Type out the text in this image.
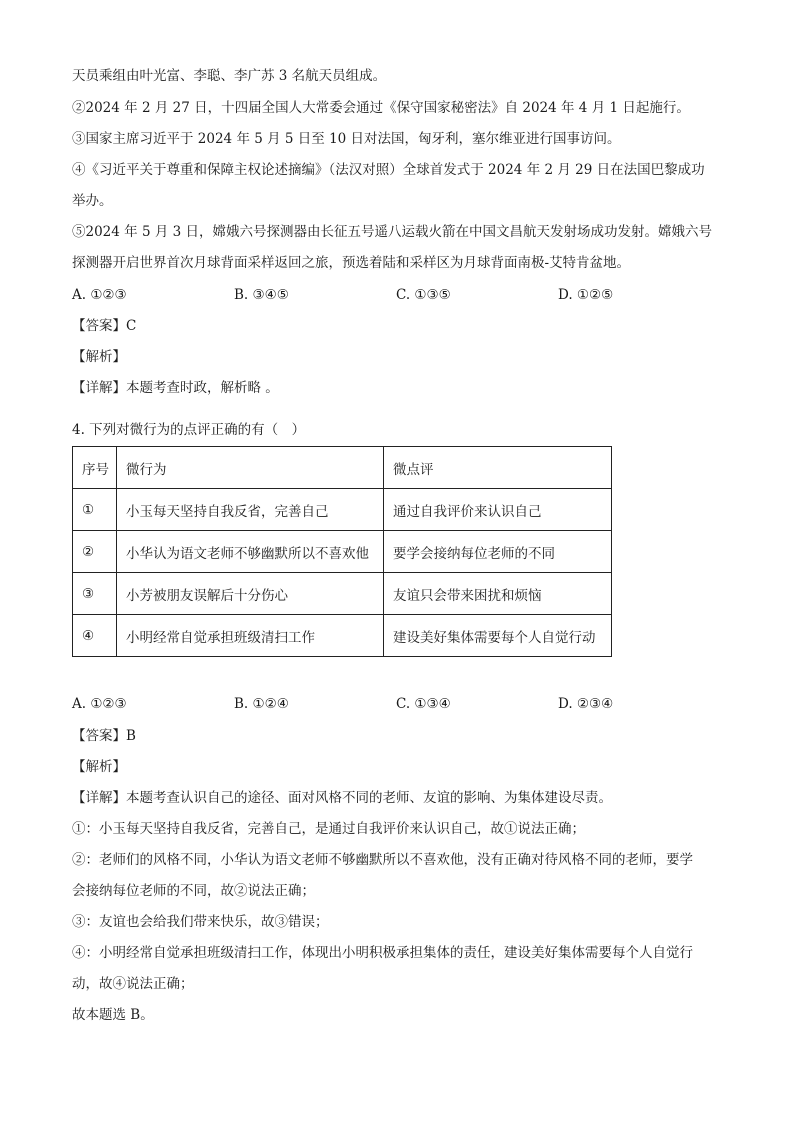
天员乘组由叶光富、李聪、李广苏 3 名航天员组成。
②2024 年 2 月 27 日，十四届全国人大常委会通过《保守国家秘密法》自 2024 年 4 月 1 日起施行。
③国家主席习近平于 2024 年 5 月 5 日至 10 日对法国，匈牙利，塞尔维亚进行国事访问。
④《习近平关于尊重和保障主权论述摘编》（法汉对照）全球首发式于 2024 年 2 月 29 日在法国巴黎成功
举办。
⑤2024 年 5 月 3 日，嫦娥六号探测器由长征五号遥八运载火箭在中国文昌航天发射场成功发射。嫦娥六号
探测器开启世界首次月球背面采样返回之旅，预选着陆和采样区为月球背面南极-艾特肯盆地。
A. ①②③	B. ③④⑤	C. ①③⑤	D. ①②⑤
【答案】C
【解析】
【详解】本题考查时政，解析略 。
4. 下列对微行为的点评正确的有（　）
序号	微行为	微点评
①	小玉每天坚持自我反省，完善自己	通过自我评价来认识自己
②	小华认为语文老师不够幽默所以不喜欢他	要学会接纳每位老师的不同
③	小芳被朋友误解后十分伤心	友谊只会带来困扰和烦恼
④	小明经常自觉承担班级清扫工作	建设美好集体需要每个人自觉行动
A. ①②③	B. ①②④	C. ①③④	D. ②③④
【答案】B
【解析】
【详解】本题考查认识自己的途径、面对风格不同的老师、友谊的影响、为集体建设尽责。
①：小玉每天坚持自我反省，完善自己，是通过自我评价来认识自己，故①说法正确；
②：老师们的风格不同，小华认为语文老师不够幽默所以不喜欢他，没有正确对待风格不同的老师，要学
会接纳每位老师的不同，故②说法正确；
③：友谊也会给我们带来快乐，故③错误；
④：小明经常自觉承担班级清扫工作，体现出小明积极承担集体的责任，建设美好集体需要每个人自觉行
动，故④说法正确；
故本题选 B。
